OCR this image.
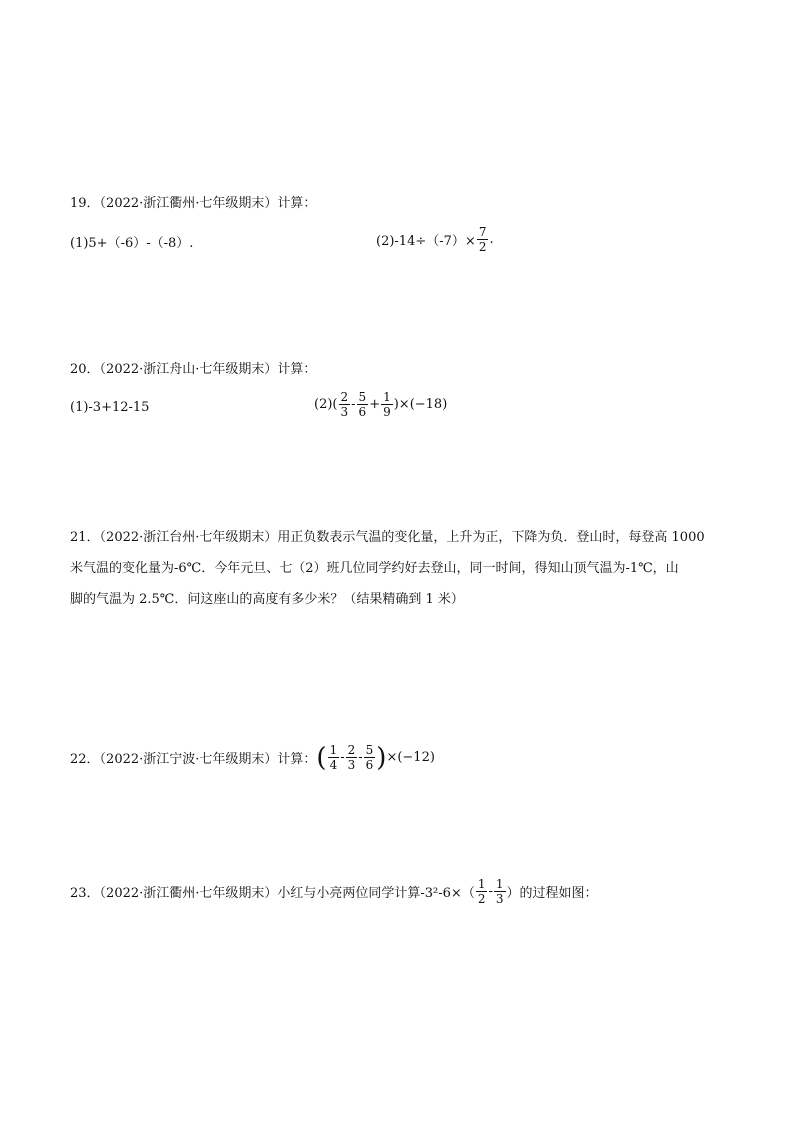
19．（2022·浙江衢州·七年级期末）计算：
(1)5+（-6）-（-8）.	$(2)-14\div(-7)\times \frac{7}{2}$ .
20．（2022·浙江舟山·七年级期末）计算：
(1)-3+12-15	$(2)( \frac{2}{3} - \frac{5}{6} + \frac{1}{9} )\times(-18)$
21．（2022·浙江台州·七年级期末）用正负数表示气温的变化量，上升为正，下降为负．登山时，每登高 1000
米气温的变化量为-6℃．今年元旦、七（2）班几位同学约好去登山，同一时间，得知山顶气温为-1℃，山
脚的气温为 2.5℃．问这座山的高度有多少米？（结果精确到 1 米）
22．（2022·浙江宁波·七年级期末）计算： ( $\frac{1}{4} - \frac{2}{3} - \frac{5}{6}$ ) ×(−12)
23．（2022·浙江衢州·七年级期末）小红与小亮两位同学计算$-3^2-6\times( \frac{1}{2} - \frac{1}{3}$ ）的过程如图：
